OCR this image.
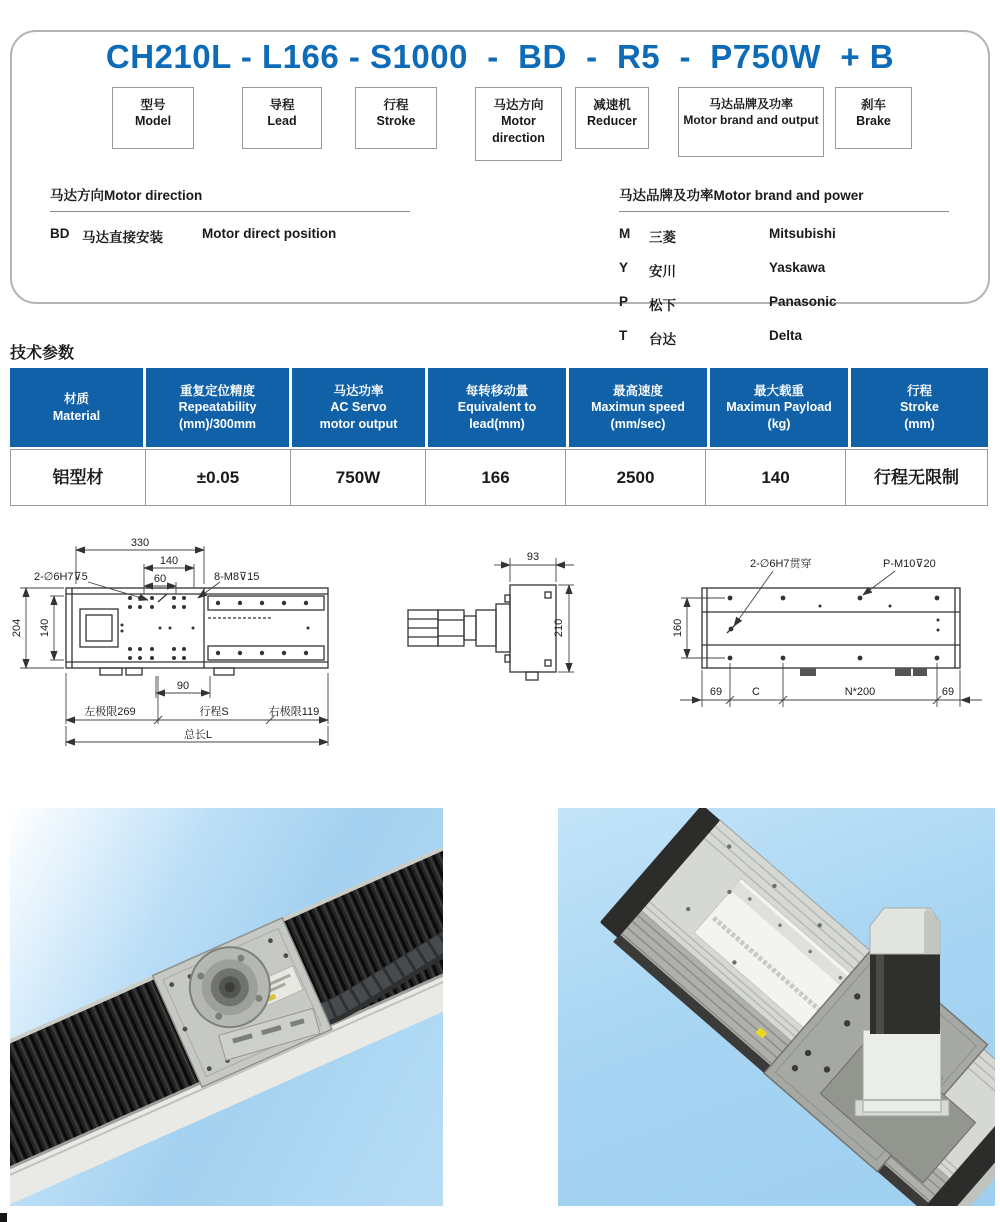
CH210L - L166 - S1000  -  BD  -  R5  -  P750W  + B
型号
Model
导程
Lead
行程
Stroke
马达方向
Motor direction
减速机
Reducer
马达品牌及功率
Motor brand and output
刹车
Brake
马达方向Motor direction
BD 马达直接安装	Motor direct position
马达品牌及功率Motor brand and power
M	三菱	Mitsubishi
Y	安川	Yaskawa
P	松下	Panasonic
T	台达	Delta
技术参数
材质
Material
重复定位精度
Repeatability
(mm)/300mm
马达功率
AC Servo
motor output
每转移动量
Equivalent to
lead(mm)
最高速度
Maximun speed
(mm/sec)
最大载重
Maximun Payload
(kg)
行程
Stroke
(mm)
铝型材	±0.05	750W	166	2500	140	行程无限制
330
140
60
2-∅6H7⊽5	8-M8⊽15
204 140
90
左极限269	行程S	右极限119
总长L
93
210
2-∅6H7贯穿	P-M10⊽20
160
69	C	N*200	69
